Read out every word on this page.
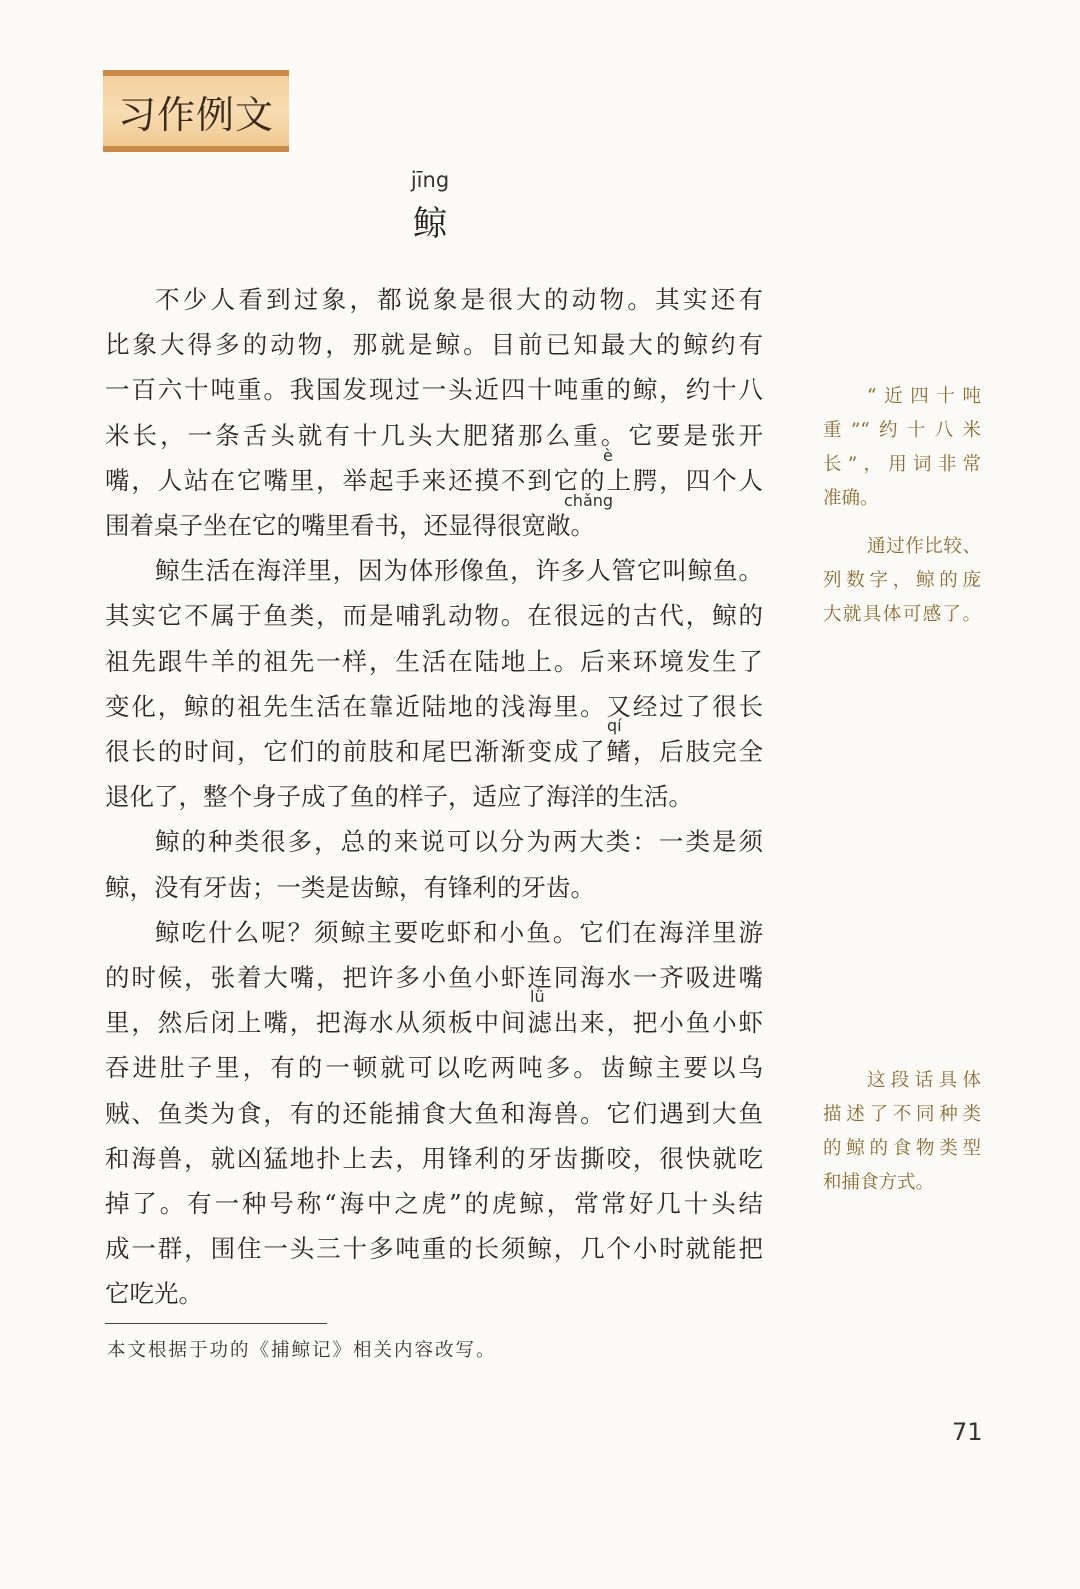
习作例文
jīng
鲸
不少人看到过象，都说象是很大的动物。其实还有
比象大得多的动物，那就是鲸。目前已知最大的鲸约有
一百六十吨重。我国发现过一头近四十吨重的鲸，约十八
米长，一条舌头就有十几头大肥猪那么重。它要是张开
嘴，人站在它嘴里，举起手来还摸不到它的上腭，四个人
围着桌子坐在它的嘴里看书，还显得很宽敞。
鲸生活在海洋里，因为体形像鱼，许多人管它叫鲸鱼。
其实它不属于鱼类，而是哺乳动物。在很远的古代，鲸的
祖先跟牛羊的祖先一样，生活在陆地上。后来环境发生了
变化，鲸的祖先生活在靠近陆地的浅海里。又经过了很长
很长的时间，它们的前肢和尾巴渐渐变成了鳍，后肢完全
退化了，整个身子成了鱼的样子，适应了海洋的生活。
鲸的种类很多，总的来说可以分为两大类：一类是须
鲸，没有牙齿；一类是齿鲸，有锋利的牙齿。
鲸吃什么呢？须鲸主要吃虾和小鱼。它们在海洋里游
的时候，张着大嘴，把许多小鱼小虾连同海水一齐吸进嘴
里，然后闭上嘴，把海水从须板中间滤出来，把小鱼小虾
吞进肚子里，有的一顿就可以吃两吨多。齿鲸主要以乌
贼、鱼类为食，有的还能捕食大鱼和海兽。它们遇到大鱼
和海兽，就凶猛地扑上去，用锋利的牙齿撕咬，很快就吃
掉了。有一种号称“海中之虎”的虎鲸，常常好几十头结
成一群，围住一头三十多吨重的长须鲸，几个小时就能把
它吃光。
è
chǎng
qí
lǜ
“近四十吨
重”“约十八米
长”，用词非常
准确。
通过作比较、
列数字，鲸的庞
大就具体可感了。
这段话具体
描述了不同种类
的鲸的食物类型
和捕食方式。
本文根据于功的《捕鲸记》相关内容改写。
71
